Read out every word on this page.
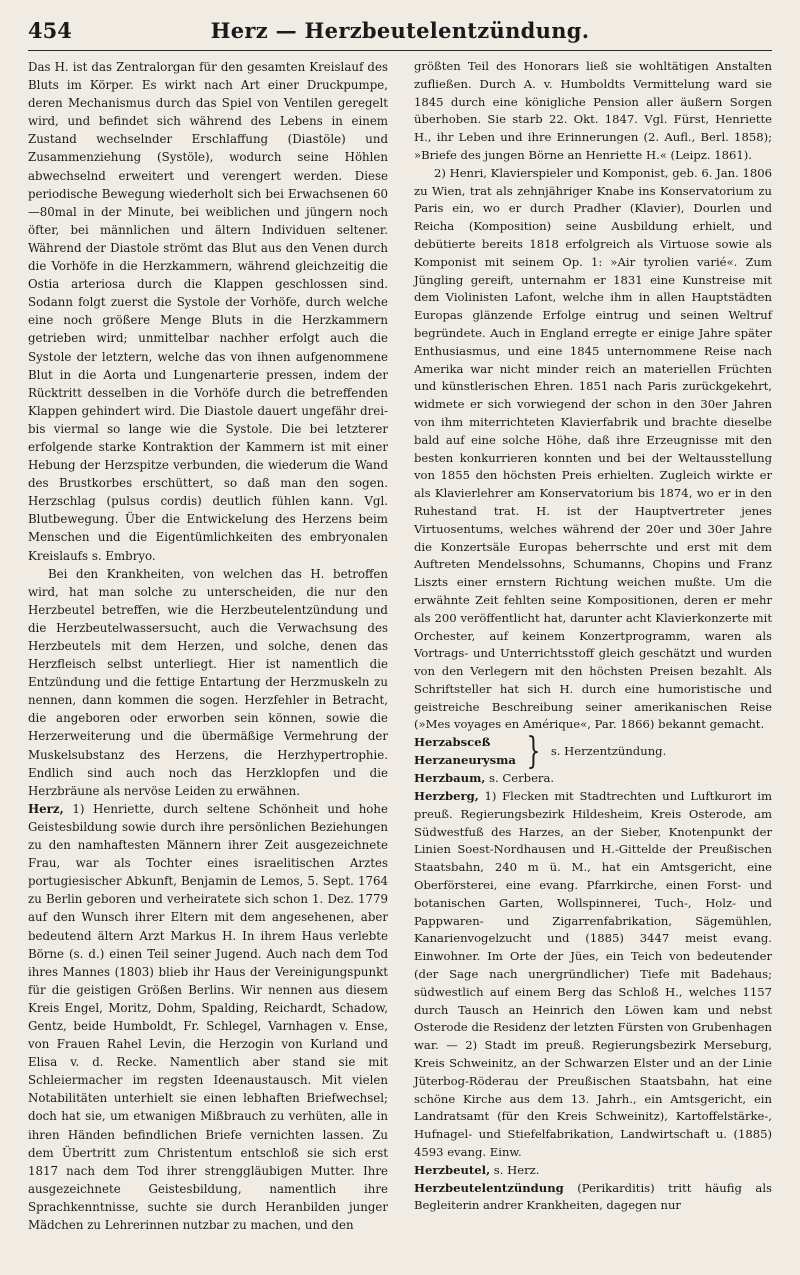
454	Herz — Herzbeutelentzündung.

Das H. ist das Zentralorgan für den gesamten Kreislauf des Bluts im Körper. Es wirkt nach Art einer Druckpumpe, deren Mechanismus durch das Spiel von Ventilen geregelt wird, und befindet sich während des Lebens in einem Zustand wechselnder Erschlaffung (Diastöle) und Zusammenziehung (Systöle), wodurch seine Höhlen abwechselnd erweitert und verengert werden. Diese periodische Bewegung wiederholt sich bei Erwachsenen 60—80mal in der Minute, bei weiblichen und jüngern noch öfter, bei männlichen und ältern Individuen seltener. Während der Diastole strömt das Blut aus den Venen durch die Vorhöfe in die Herzkammern, während gleichzeitig die Ostia arteriosa durch die Klappen geschlossen sind. Sodann folgt zuerst die Systole der Vorhöfe, durch welche eine noch größere Menge Bluts in die Herzkammern getrieben wird; unmittelbar nachher erfolgt auch die Systole der letztern, welche das von ihnen aufgenommene Blut in die Aorta und Lungenarterie pressen, indem der Rücktritt desselben in die Vorhöfe durch die betreffenden Klappen gehindert wird. Die Diastole dauert ungefähr drei- bis viermal so lange wie die Systole. Die bei letzterer erfolgende starke Kontraktion der Kammern ist mit einer Hebung der Herzspitze verbunden, die wiederum die Wand des Brustkorbes erschüttert, so daß man den sogen. Herzschlag (pulsus cordis) deutlich fühlen kann. Vgl. Blutbewegung. Über die Entwickelung des Herzens beim Menschen und die Eigentümlichkeiten des embryonalen Kreislaufs s. Embryo.

Bei den Krankheiten, von welchen das H. betroffen wird, hat man solche zu unterscheiden, die nur den Herzbeutel betreffen, wie die Herzbeutelentzündung und die Herzbeutelwassersucht, auch die Verwachsung des Herzbeutels mit dem Herzen, und solche, denen das Herzfleisch selbst unterliegt. Hier ist namentlich die Entzündung und die fettige Entartung der Herzmuskeln zu nennen, dann kommen die sogen. Herzfehler in Betracht, die angeboren oder erworben sein können, sowie die Herzerweiterung und die übermäßige Vermehrung der Muskelsubstanz des Herzens, die Herzhypertrophie. Endlich sind auch noch das Herzklopfen und die Herzbräune als nervöse Leiden zu erwähnen.

Herz, 1) Henriette, durch seltene Schönheit und hohe Geistesbildung sowie durch ihre persönlichen Beziehungen zu den namhaftesten Männern ihrer Zeit ausgezeichnete Frau, war als Tochter eines israelitischen Arztes portugiesischer Abkunft, Benjamin de Lemos, 5. Sept. 1764 zu Berlin geboren und verheiratete sich schon 1. Dez. 1779 auf den Wunsch ihrer Eltern mit dem angesehenen, aber bedeutend ältern Arzt Markus H. In ihrem Haus verlebte Börne (s. d.) einen Teil seiner Jugend. Auch nach dem Tod ihres Mannes (1803) blieb ihr Haus der Vereinigungspunkt für die geistigen Größen Berlins. Wir nennen aus diesem Kreis Engel, Moritz, Dohm, Spalding, Reichardt, Schadow, Gentz, beide Humboldt, Fr. Schlegel, Varnhagen v. Ense, von Frauen Rahel Levin, die Herzogin von Kurland und Elisa v. d. Recke. Namentlich aber stand sie mit Schleiermacher im regsten Ideenaustausch. Mit vielen Notabilitäten unterhielt sie einen lebhaften Briefwechsel; doch hat sie, um etwanigen Mißbrauch zu verhüten, alle in ihren Händen befindlichen Briefe vernichten lassen. Zu dem Übertritt zum Christentum entschloß sie sich erst 1817 nach dem Tod ihrer strenggläubigen Mutter. Ihre ausgezeichnete Geistesbildung, namentlich ihre Sprachkenntnisse, suchte sie durch Heranbilden junger Mädchen zu Lehrerinnen nutzbar zu machen, und den

größten Teil des Honorars ließ sie wohltätigen Anstalten zufließen. Durch A. v. Humboldts Vermittelung ward sie 1845 durch eine königliche Pension aller äußern Sorgen überhoben. Sie starb 22. Okt. 1847. Vgl. Fürst, Henriette H., ihr Leben und ihre Erinnerungen (2. Aufl., Berl. 1858); »Briefe des jungen Börne an Henriette H.« (Leipz. 1861).

2) Henri, Klavierspieler und Komponist, geb. 6. Jan. 1806 zu Wien, trat als zehnjähriger Knabe ins Konservatorium zu Paris ein, wo er durch Pradher (Klavier), Dourlen und Reicha (Komposition) seine Ausbildung erhielt, und debütierte bereits 1818 erfolgreich als Virtuose sowie als Komponist mit seinem Op. 1: »Air tyrolien varié«. Zum Jüngling gereift, unternahm er 1831 eine Kunstreise mit dem Violinisten Lafont, welche ihm in allen Hauptstädten Europas glänzende Erfolge eintrug und seinen Weltruf begründete. Auch in England erregte er einige Jahre später Enthusiasmus, und eine 1845 unternommene Reise nach Amerika war nicht minder reich an materiellen Früchten und künstlerischen Ehren. 1851 nach Paris zurückgekehrt, widmete er sich vorwiegend der schon in den 30er Jahren von ihm miterrichteten Klavierfabrik und brachte dieselbe bald auf eine solche Höhe, daß ihre Erzeugnisse mit den besten konkurrieren konnten und bei der Weltausstellung von 1855 den höchsten Preis erhielten. Zugleich wirkte er als Klavierlehrer am Konservatorium bis 1874, wo er in den Ruhestand trat. H. ist der Hauptvertreter jenes Virtuosentums, welches während der 20er und 30er Jahre die Konzertsäle Europas beherrschte und erst mit dem Auftreten Mendelssohns, Schumanns, Chopins und Franz Liszts einer ernstern Richtung weichen mußte. Um die erwähnte Zeit fehlten seine Kompositionen, deren er mehr als 200 veröffentlicht hat, darunter acht Klavierkonzerte mit Orchester, auf keinem Konzertprogramm, waren als Vortrags- und Unterrichtsstoff gleich geschätzt und wurden von den Verlegern mit den höchsten Preisen bezahlt. Als Schriftsteller hat sich H. durch eine humoristische und geistreiche Beschreibung seiner amerikanischen Reise (»Mes voyages en Amérique«, Par. 1866) bekannt gemacht.

Herzabsceß
Herzaneurysma } s. Herzentzündung.

Herzbaum, s. Cerbera.

Herzberg, 1) Flecken mit Stadtrechten und Luftkurort im preuß. Regierungsbezirk Hildesheim, Kreis Osterode, am Südwestfuß des Harzes, an der Sieber, Knotenpunkt der Linien Soest-Nordhausen und H.-Gittelde der Preußischen Staatsbahn, 240 m ü. M., hat ein Amtsgericht, eine Oberförsterei, eine evang. Pfarrkirche, einen Forst- und botanischen Garten, Wollspinnerei, Tuch-, Holz- und Pappwaren- und Zigarrenfabrikation, Sägemühlen, Kanarienvogelzucht und (1885) 3447 meist evang. Einwohner. Im Orte der Jües, ein Teich von bedeutender (der Sage nach unergründlicher) Tiefe mit Badehaus; südwestlich auf einem Berg das Schloß H., welches 1157 durch Tausch an Heinrich den Löwen kam und nebst Osterode die Residenz der letzten Fürsten von Grubenhagen war. — 2) Stadt im preuß. Regierungsbezirk Merseburg, Kreis Schweinitz, an der Schwarzen Elster und an der Linie Jüterbog-Röderau der Preußischen Staatsbahn, hat eine schöne Kirche aus dem 13. Jahrh., ein Amtsgericht, ein Landratsamt (für den Kreis Schweinitz), Kartoffelstärke-, Hufnagel- und Stiefelfabrikation, Landwirtschaft u. (1885) 4593 evang. Einw.

Herzbeutel, s. Herz.

Herzbeutelentzündung (Perikarditis) tritt häufig als Begleiterin andrer Krankheiten, dagegen nur
